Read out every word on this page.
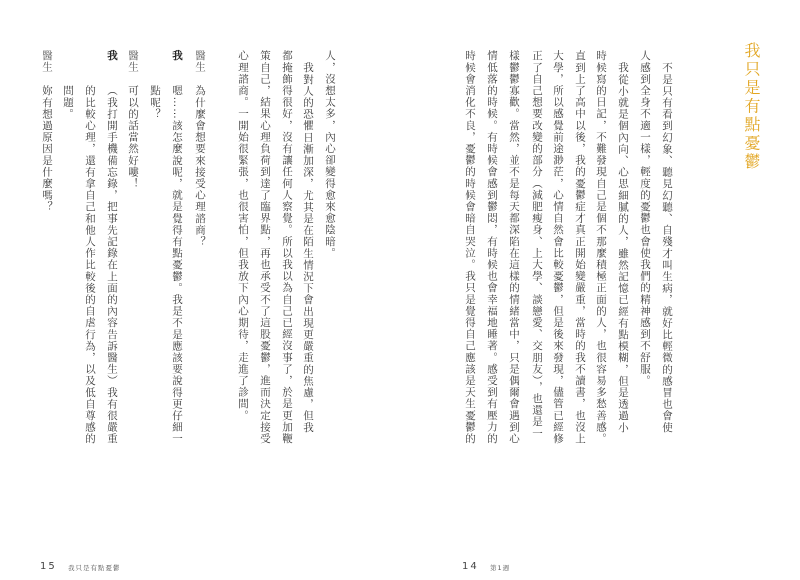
我只是有點憂鬱
不是只有看到幻象、聽見幻聽、自殘才叫生病，就好比輕微的感冒也會使
人感到全身不適一樣，輕度的憂鬱也會使我們的精神感到不舒服。
我從小就是個內向、心思細膩的人，雖然記憶已經有點模糊，但是透過小
時候寫的日記，不難發現自己是個不那麼積極正面的人，也很容易多愁善感。
直到上了高中以後，我的憂鬱症才真正開始變嚴重，當時的我不讀書，也沒上
大學，所以感覺前途渺茫，心情自然會比較憂鬱，但是後來發現，儘管已經修
正了自己想要改變的部分（減肥瘦身、上大學、談戀愛、交朋友），也還是一
樣鬱鬱寡歡。當然，並不是每天都深陷在這樣的情緒當中，只是偶爾會遇到心
情低落的時候。有時候會感到鬱悶，有時候也會幸福地睡著。感受到有壓力的
時候會消化不良，憂鬱的時候會暗自哭泣。我只是覺得自己應該是天生憂鬱的
14 第1週
人，沒想太多，內心卻變得愈來愈陰暗。
我對人的恐懼日漸加深，尤其是在陌生情況下會出現更嚴重的焦慮，但我
都掩飾得很好，沒有讓任何人察覺。所以我以為自己已經沒事了，於是更加鞭
策自己，結果心理負荷到達了臨界點，再也承受不了這股憂鬱，進而決定接受
心理諮商。一開始很緊張，也很害怕，但我放下內心期待，走進了診間。
醫生
為什麼會想要來接受心理諮商？
我
嗯……該怎麼說呢，就是覺得有點憂鬱。我是不是應該要說得更仔細一
點呢？
醫生
可以的話當然好嘍！
我
（我打開手機備忘錄，把事先記錄在上面的內容告訴醫生）我有很嚴重
的比較心理，還有拿自己和他人作比較後的自虐行為，以及低自尊感的
問題。
醫生
妳有想過原因是什麼嗎？
15 我只是有點憂鬱
